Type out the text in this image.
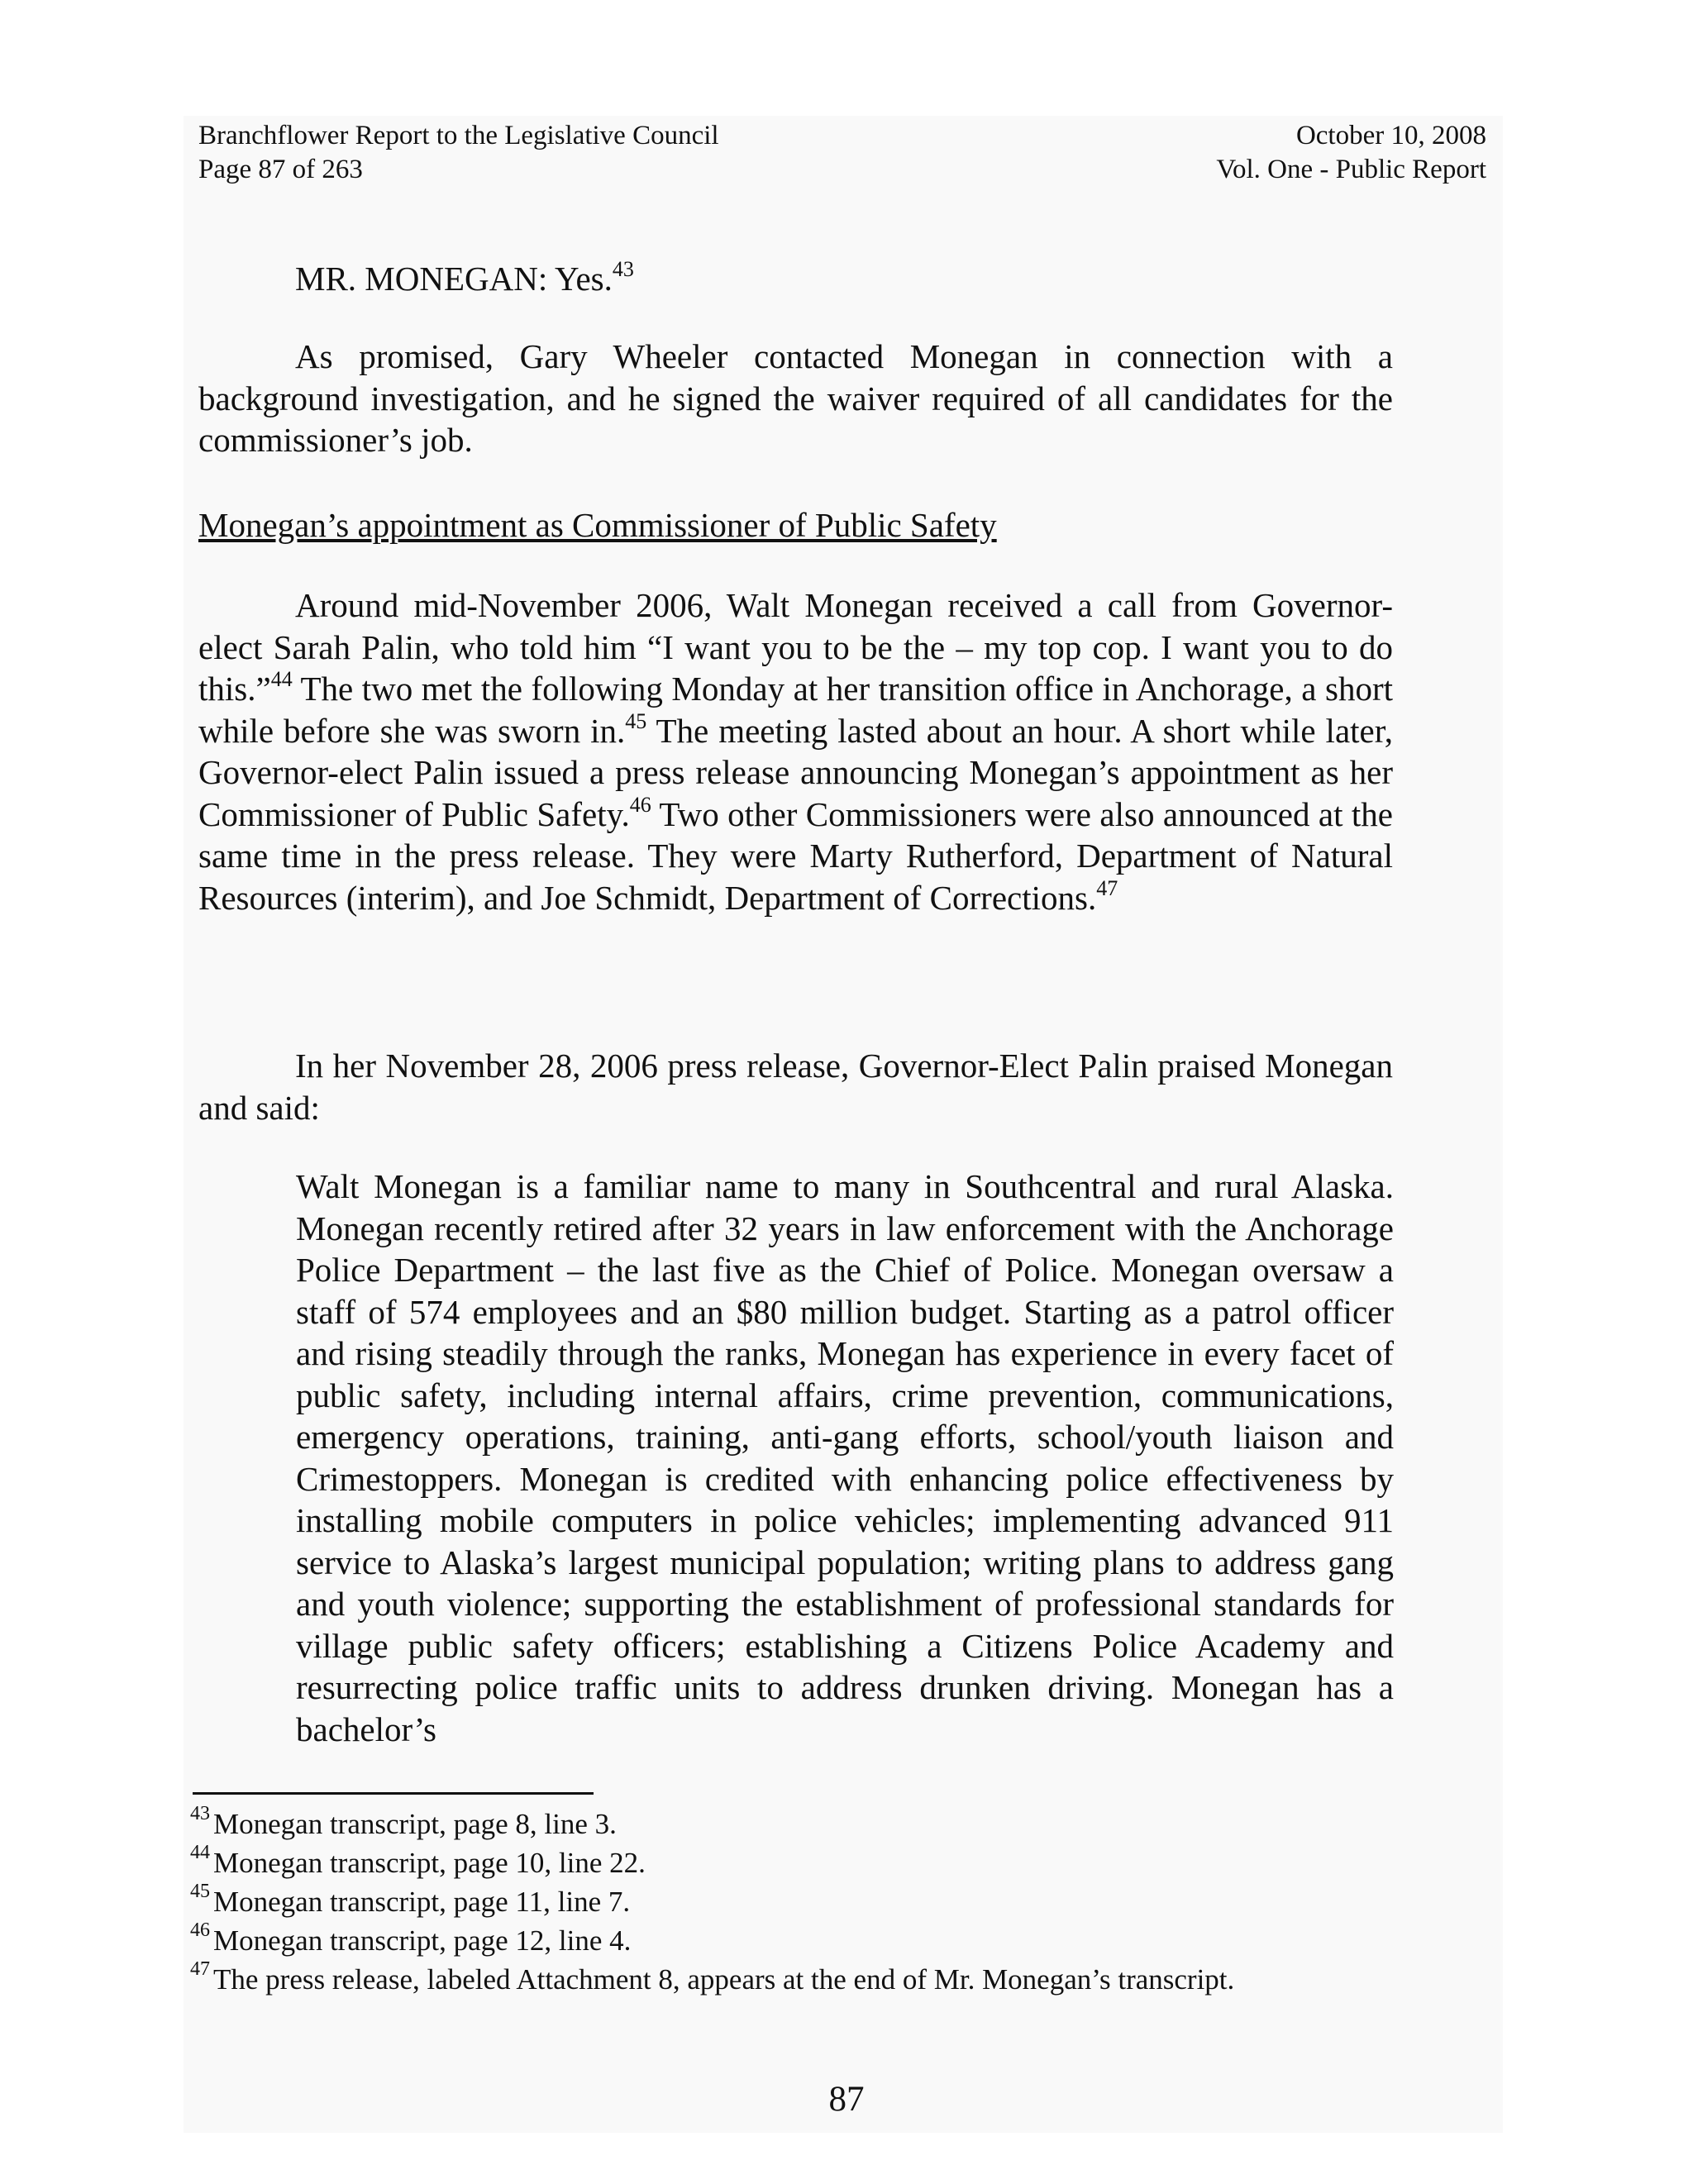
Branchflower Report to the Legislative Council
Page 87 of 263
October 10, 2008
Vol. One - Public Report
MR. MONEGAN: Yes.$^{43}$
As promised, Gary Wheeler contacted Monegan in connection with a background investigation, and he signed the waiver required of all candidates for the commissioner’s job.
Monegan’s appointment as Commissioner of Public Safety
Around mid-November 2006, Walt Monegan received a call from Governor-elect Sarah Palin, who told him “I want you to be the – my top cop. I want you to do this.”$^{44}$ The two met the following Monday at her transition office in Anchorage, a short while before she was sworn in.$^{45}$ The meeting lasted about an hour. A short while later, Governor-elect Palin issued a press release announcing Monegan’s appointment as her Commissioner of Public Safety.$^{46}$ Two other Commissioners were also announced at the same time in the press release. They were Marty Rutherford, Department of Natural Resources (interim), and Joe Schmidt, Department of Corrections.$^{47}$
In her November 28, 2006 press release, Governor-Elect Palin praised Monegan and said:
Walt Monegan is a familiar name to many in Southcentral and rural Alaska. Monegan recently retired after 32 years in law enforcement with the Anchorage Police Department – the last five as the Chief of Police. Monegan oversaw a staff of 574 employees and an $80 million budget. Starting as a patrol officer and rising steadily through the ranks, Monegan has experience in every facet of public safety, including internal affairs, crime prevention, communications, emergency operations, training, anti-gang efforts, school/youth liaison and Crimestoppers. Monegan is credited with enhancing police effectiveness by installing mobile computers in police vehicles; implementing advanced 911 service to Alaska’s largest municipal population; writing plans to address gang and youth violence; supporting the establishment of professional standards for village public safety officers; establishing a Citizens Police Academy and resurrecting police traffic units to address drunken driving. Monegan has a bachelor’s
$^{43}$ Monegan transcript, page 8, line 3.
$^{44}$ Monegan transcript, page 10, line 22.
$^{45}$ Monegan transcript, page 11, line 7.
$^{46}$ Monegan transcript, page 12, line 4.
$^{47}$ The press release, labeled Attachment 8, appears at the end of Mr. Monegan’s transcript.
87
